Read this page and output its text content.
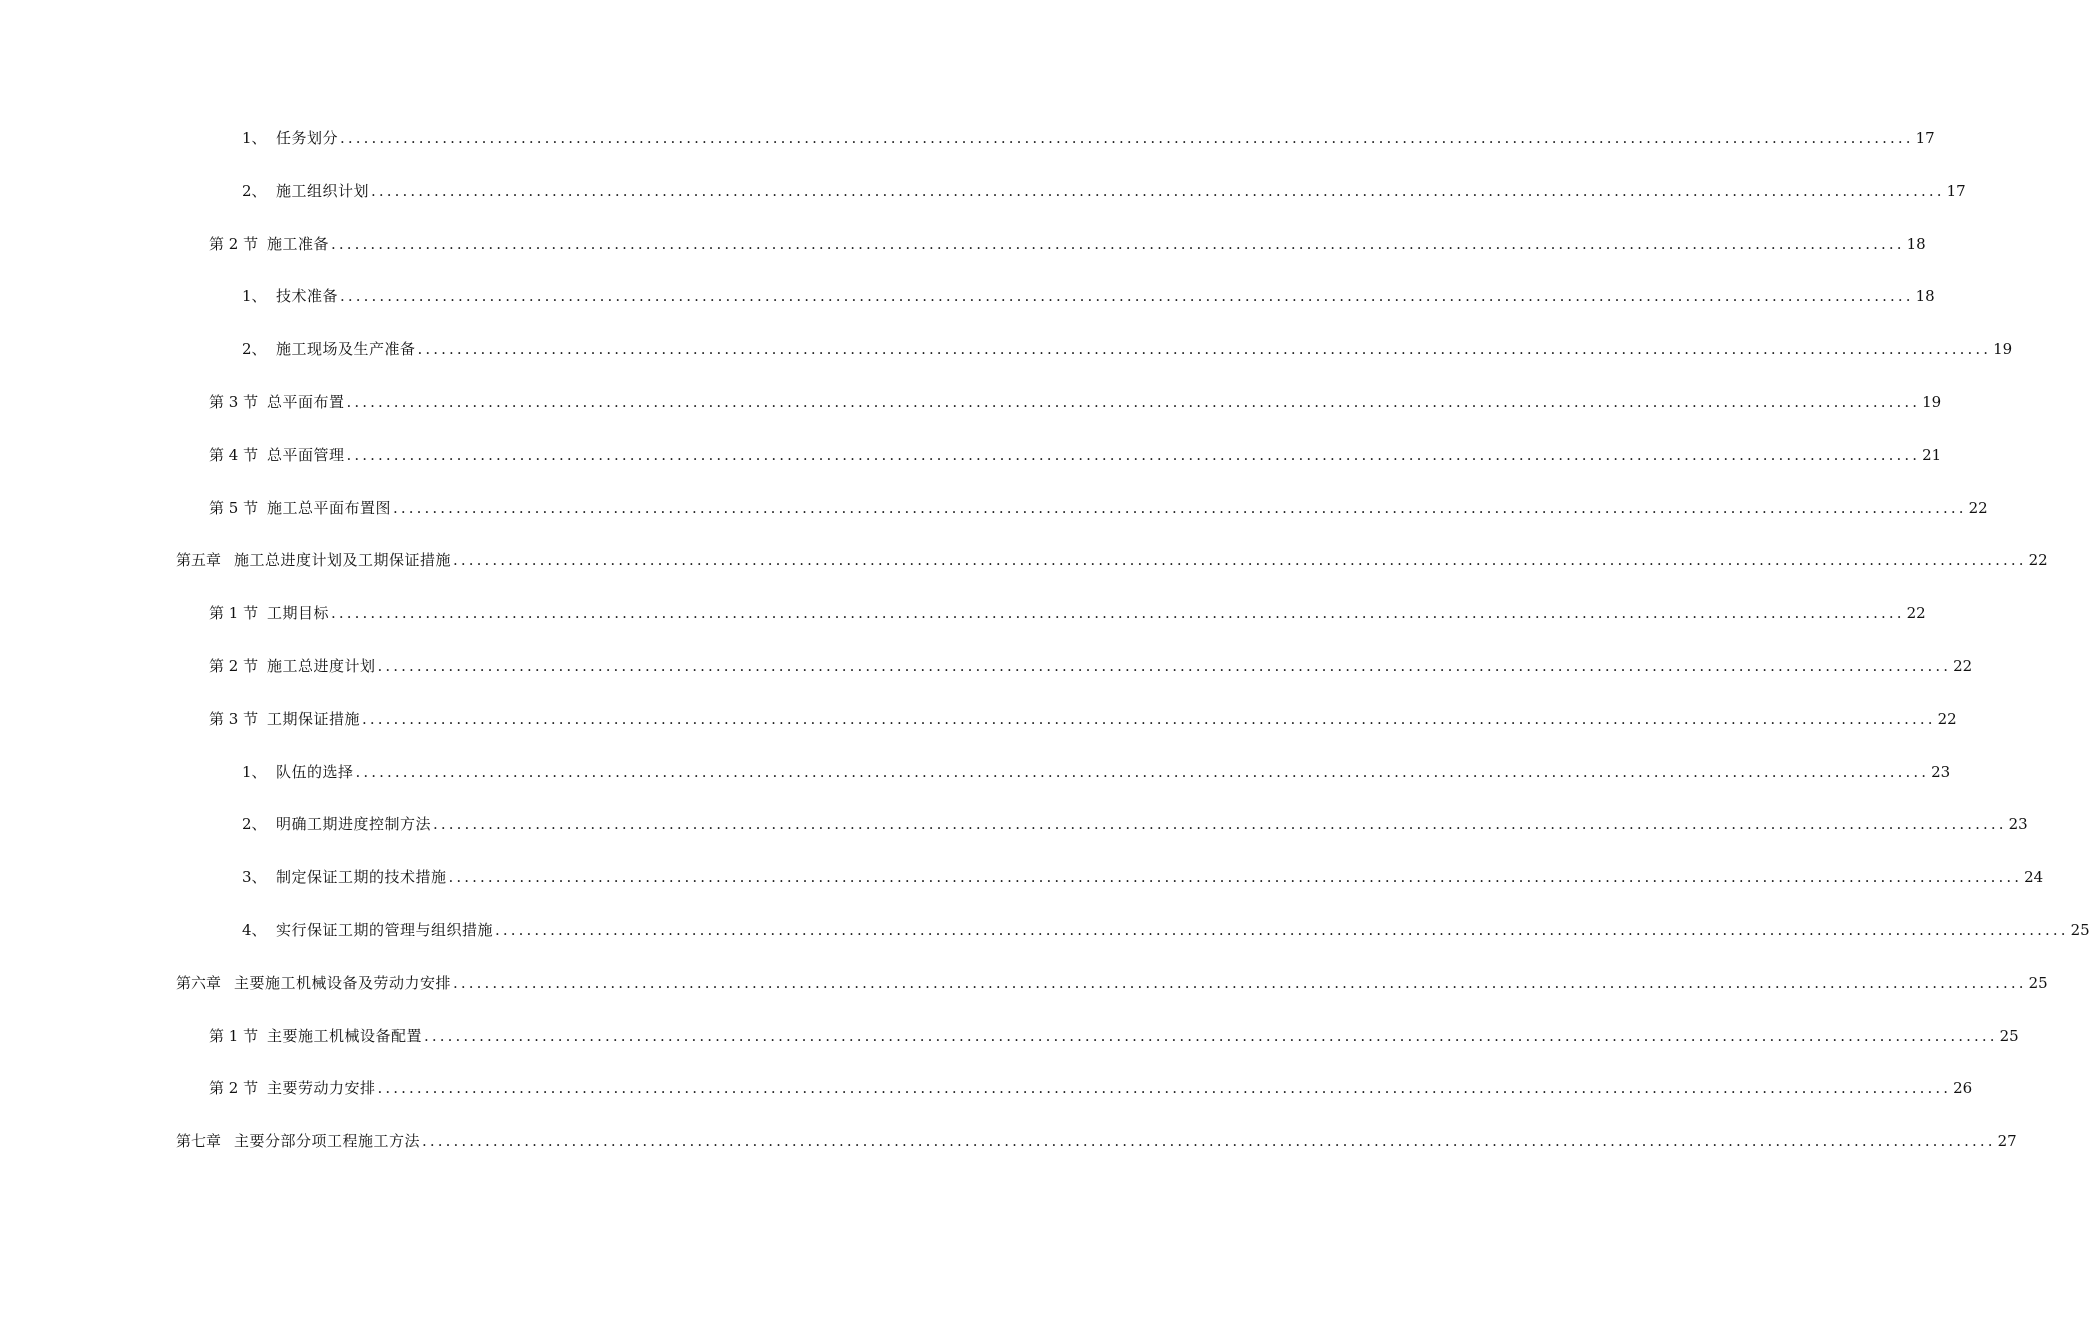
1、 任务划分 ........................................................................................................................................................................................................ 17
2、 施工组织计划 ........................................................................................................................................................................................................ 17
第 2 节 施工准备 ........................................................................................................................................................................................................ 18
1、 技术准备 ........................................................................................................................................................................................................ 18
2、 施工现场及生产准备 ........................................................................................................................................................................................................ 19
第 3 节 总平面布置 ........................................................................................................................................................................................................ 19
第 4 节 总平面管理 ........................................................................................................................................................................................................ 21
第 5 节 施工总平面布置图 ........................................................................................................................................................................................................ 22
第五章 施工总进度计划及工期保证措施 ........................................................................................................................................................................................................ 22
第 1 节 工期目标 ........................................................................................................................................................................................................ 22
第 2 节 施工总进度计划 ........................................................................................................................................................................................................ 22
第 3 节 工期保证措施 ........................................................................................................................................................................................................ 22
1、 队伍的选择 ........................................................................................................................................................................................................ 23
2、 明确工期进度控制方法 ........................................................................................................................................................................................................ 23
3、 制定保证工期的技术措施 ........................................................................................................................................................................................................ 24
4、 实行保证工期的管理与组织措施 ........................................................................................................................................................................................................ 25
第六章 主要施工机械设备及劳动力安排 ........................................................................................................................................................................................................ 25
第 1 节 主要施工机械设备配置 ........................................................................................................................................................................................................ 25
第 2 节 主要劳动力安排 ........................................................................................................................................................................................................ 26
第七章 主要分部分项工程施工方法 ........................................................................................................................................................................................................ 27
